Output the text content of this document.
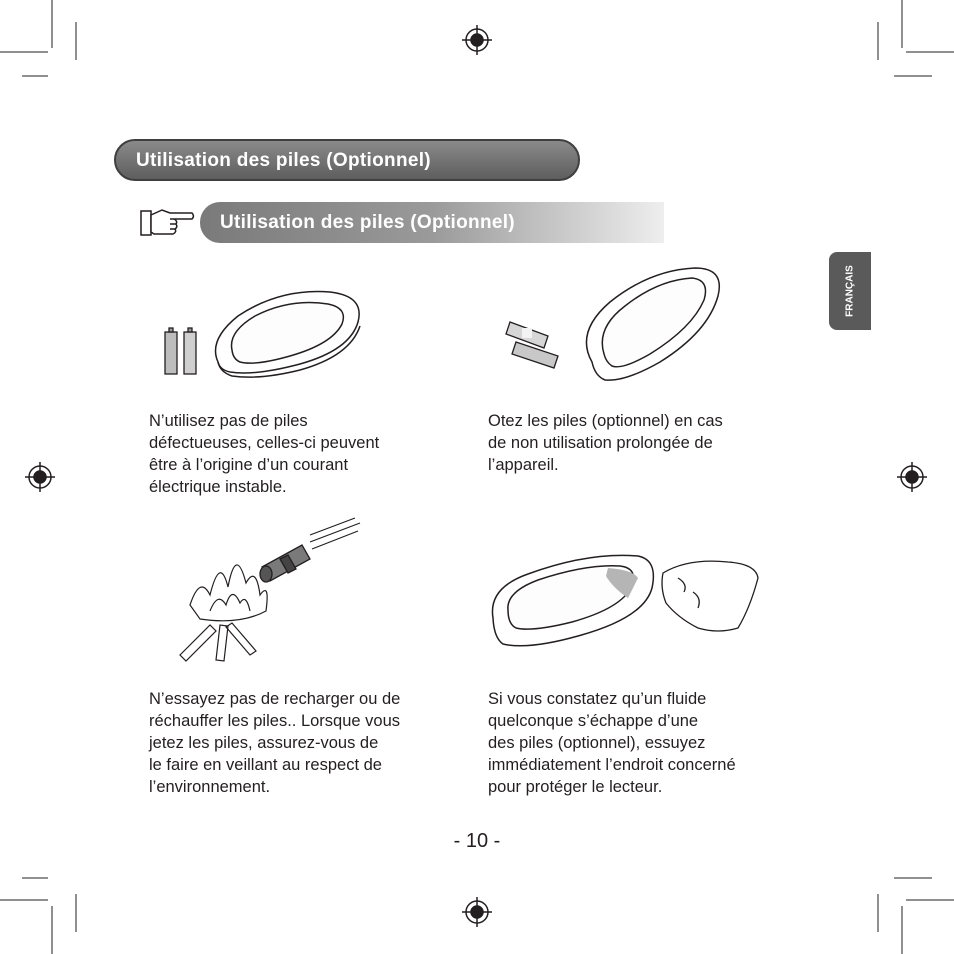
Utilisation des piles (Optionnel)
Utilisation des piles (Optionnel)
FRANÇAIS

N’utilisez pas de piles
défectueuses, celles-ci peuvent
être à l’origine d’un courant
électrique instable.

Otez les piles (optionnel) en cas
de non utilisation prolongée de
l’appareil.

N’essayez pas de recharger ou de
réchauffer les piles.. Lorsque vous
jetez les piles, assurez-vous de
le faire en veillant au respect de
l’environnement.

Si vous constatez qu’un fluide
quelconque s’échappe d’une
des piles (optionnel), essuyez
immédiatement l’endroit concerné
pour protéger le lecteur.

- 10 -
